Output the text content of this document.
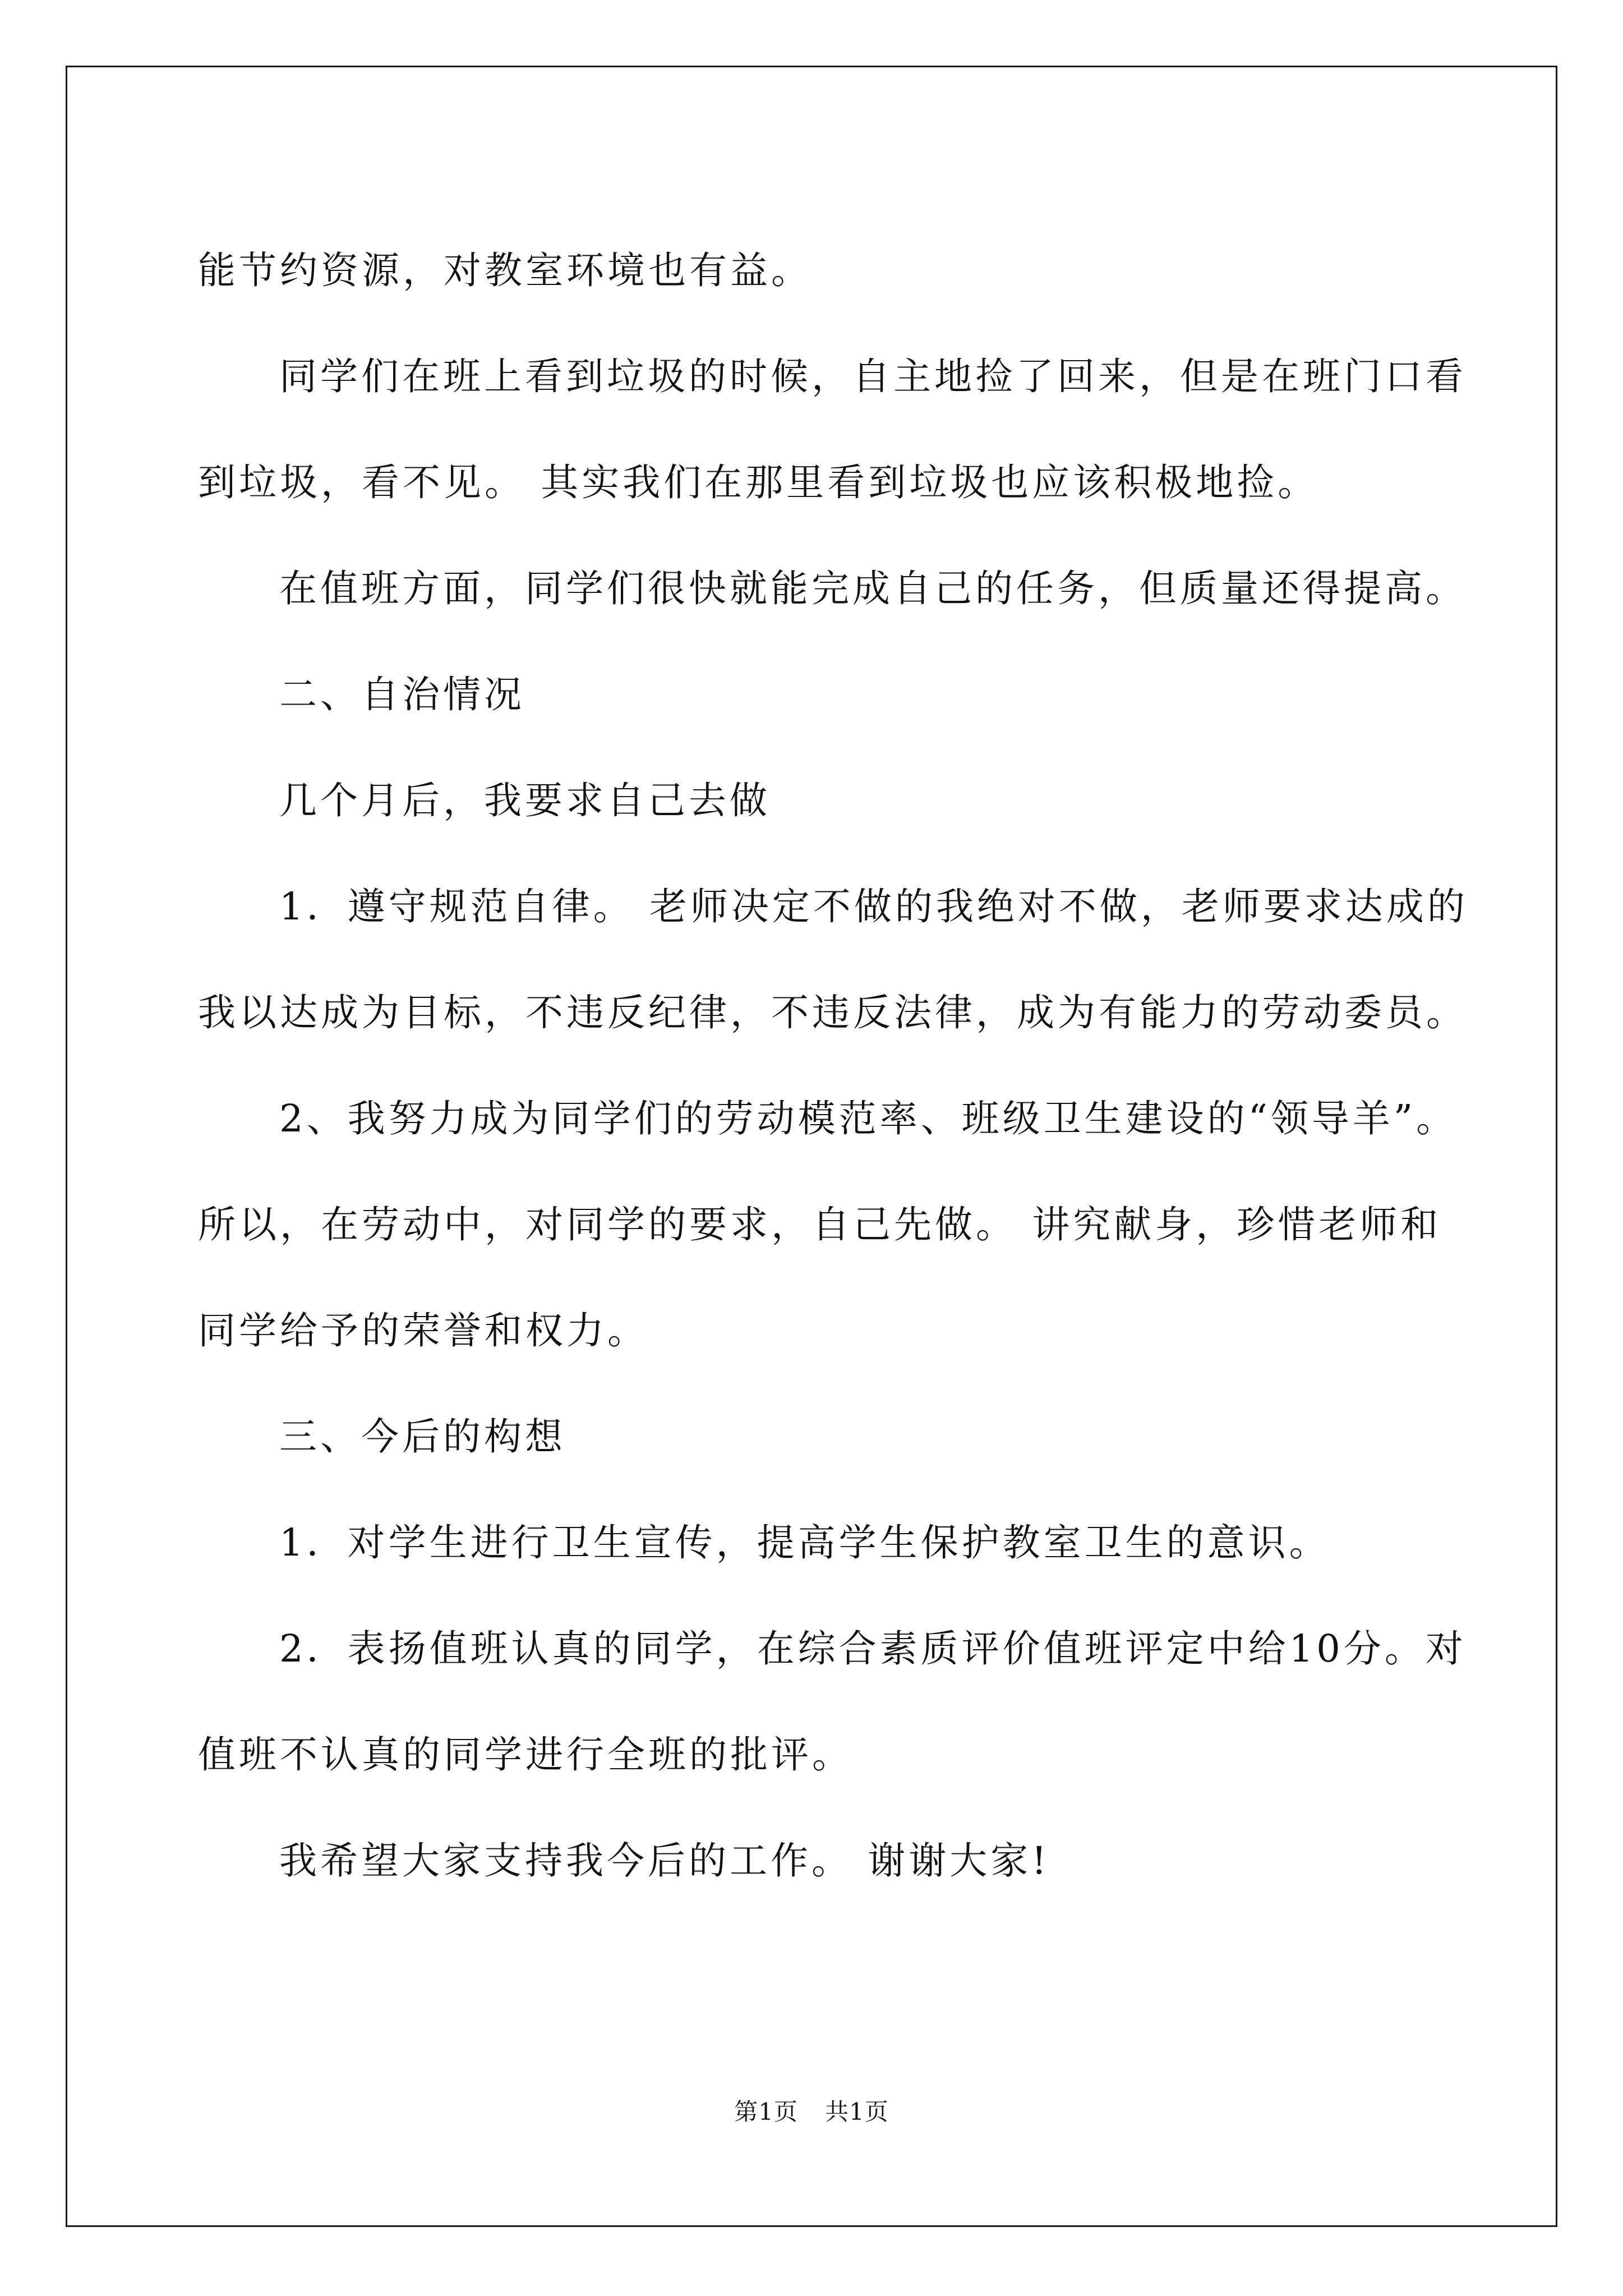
能节约资源，对教室环境也有益。

同学们在班上看到垃圾的时候，自主地捡了回来，但是在班门口看到垃圾，看不见。 其实我们在那里看到垃圾也应该积极地捡。

在值班方面，同学们很快就能完成自己的任务，但质量还得提高。

二、自治情况

几个月后，我要求自己去做

1．遵守规范自律。 老师决定不做的我绝对不做，老师要求达成的我以达成为目标，不违反纪律，不违反法律，成为有能力的劳动委员。

2、我努力成为同学们的劳动模范率、班级卫生建设的“领导羊”。所以，在劳动中，对同学的要求，自己先做。 讲究献身，珍惜老师和同学给予的荣誉和权力。

三、今后的构想

1．对学生进行卫生宣传，提高学生保护教室卫生的意识。

2．表扬值班认真的同学，在综合素质评价值班评定中给10分。对值班不认真的同学进行全班的批评。

我希望大家支持我今后的工作。 谢谢大家!

第1页 共1页
